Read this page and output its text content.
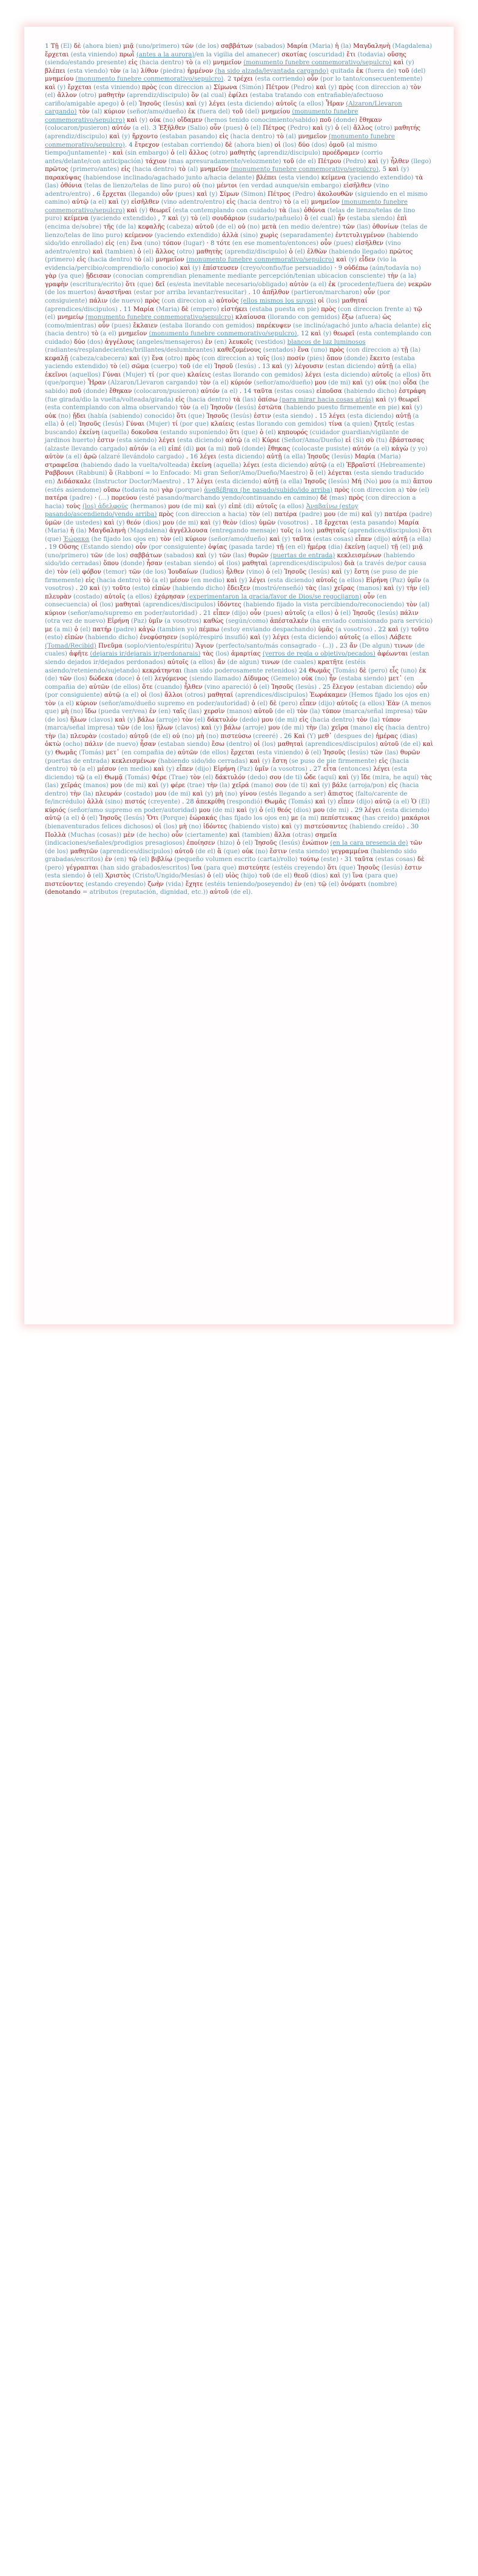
1 Τῇ (El) δὲ (ahora bien) μιᾷ (uno/primero) τῶν (de los) σαββάτων (sabados) Μαρία (Maria) ἡ (la) Μαγδαληνὴ (Magdalena) ἔρχεται (esta viniendo) πρωῒ (antes a la aurora)/en la vigilia del amanecer) σκοτίας (oscuridad) ἔτι (todavia) οὔσης (siendo/estando presente) εἰς (hacia dentro) τὸ (a el) μνημεῖον (monumento funebre conmemorativo/sepulcro) καὶ (y) βλέπει (esta viendo) τὸν (a la) λίθον (piedra) ἠρμένον (ha sido alzada/levantada cargando) quitada ἐκ (fuera de) τοῦ (del) μνημείου (monumento funebre conmemorativo/sepulcro). 2 τρέχει (esta corriendo) οὖν (por lo tanto/consecuentemente) καὶ (y) ἔρχεται (esta viniendo) πρὸς (con direccion a) Σίμωνα (Simón) Πέτρον (Pedro) καὶ (y) πρὸς (con direccion a) τὸν (el) ἄλλον (otro) μαθητὴν (aprendiz/discipulo) ὃν (al cual) ἐφίλει (estaba tratando con entrañable/afectuoso cariño/amigable apego) ὁ (el) Ἰησοῦς (Iesús) καὶ (y) λέγει (esta diciendo) αὐτοῖς (a ellos) Ἦραν (Alzaron/Llevaron cargando) τὸν (al) κύριον (señor/amo/dueño) ἐκ (fuera del) τοῦ (del) μνημείου (monumento funebre conmemorativo/sepulcro) καὶ (y) οὐκ (no) οἴδαμεν (hemos tenido conocimiento/sabido) ποῦ (donde) ἔθηκαν (colocaron/pusieron) αὐτόν (a el). 3 Ἐξῆλθεν (Salio) οὖν (pues) ὁ (el) Πέτρος (Pedro) καὶ (y) ὁ (el) ἄλλος (otro) μαθητής (aprendiz/discipulo) καὶ (y) ἤρχοντο (estaban pasando) εἰς (hacia dentro) τὸ (al) μνημεῖον (monumento funebre conmemorativo/sepulcro). 4 ἔτρεχον (estaban corriendo) δὲ (ahora bien) οἱ (los) δύο (dos) ὁμοῦ (al mismo tiempo/juntamente) · καὶ (sin embargo) ὁ (el) ἄλλος (otro) μαθητὴς (aprendiz/discipulo) προέδραμεν (corrio antes/delante/con anticipación) τάχιον (mas apresuradamente/velozmente) τοῦ (de el) Πέτρου (Pedro) καὶ (y) ἦλθεν (llego) πρῶτος (primero/antes) εἰς (hacia dentro) τὸ (al) μνημεῖον (monumento funebre conmemorativo/sepulcro), 5 καὶ (y) παρακύψας (habiendose inclinado/agachado junto a/hacia delante) βλέπει (esta viendo) κείμενα (yaciendo extendido) τὰ (las) ὀθόνια (telas de lienzo/telas de lino puro) οὐ (no) μέντοι (en verdad aunque/sin embargo) εἰσῆλθεν (vino adentro/entro) . 6 ἔρχεται (llegando) οὖν (pues) καὶ (y) Σίμων (Simon) Πέτρος (Pedro) ἀκολουθῶν (siguiendo en el mismo camino) αὐτῷ (a el) καὶ (y) εἰσῆλθεν (vino adentro/entro) εἰς (hacia dentro) τὸ (a el) μνημεῖον (monumento funebre conmemorativo/sepulcro) καὶ (y) θεωρεῖ (esta contemplando con cuidado) τὰ (las) ὀθόνια (telas de lienzo/telas de lino puro) κείμενα (yaciendo extendido) , 7 καὶ (y) τὸ (el) σουδάριον (sudario/pañuelo) ὃ (el cual) ἦν (estaba siendo) ἐπὶ (encima de/sobre) τῆς (de la) κεφαλῆς (cabeza) αὐτοῦ (de el) οὐ (no) μετὰ (en medio de/entre) τῶν (las) ὀθονίων (telas de lienzo/telas de lino puro) κείμενον (yaciendo extendido) ἀλλὰ (sino) χωρὶς (separadamente) ἐντετυλιγμένον (habiendo sido/ido enrollado) εἰς (en) ἕνα (uno) τόπον (lugar) · 8 τότε (en ese momento/entonces) οὖν (pues) εἰσῆλθεν (vino adentro/entro) καὶ (tambien) ὁ (el) ἄλλος (otro) μαθητὴς (aprendiz/discipulo) ὁ (el) ἐλθὼν (habiendo llegado) πρῶτος (primero) εἰς (hacia dentro) τὸ (al) μνημεῖον (monumento funebre conmemorativo/sepulcro) καὶ (y) εἶδεν (vio la evidencia/percibio/comprendio/lo conocio) καὶ (y) ἐπίστευσεν (creyo/confio/fue persuadido) · 9 οὐδέπω (aún/todavía no) γὰρ (ya que) ᾔδεισαν (conocian comprendian plenamente mediante percepción/tenian ubicacion consciente) τὴν (a la) γραφὴν (escritura/ecrito) ὅτι (que) δεῖ (es/esta inevitable necesario/obligado) αὐτὸν (a el) ἐκ (procedente/fuera de) νεκρῶν (de los muertos) ἀναστῆναι (estar por arriba levantar/resucitar) . 10 ἀπῆλθον (partieron/marcharon) οὖν (por consiguiente) πάλιν (de nuevo) πρὸς (con direccion a) αὐτοὺς (ellos mismos los suyos) οἱ (los) μαθηταί (aprendices/discipulos) . 11 Μαρία (Maria) δὲ (empero) εἱστήκει (estaba puesta en pie) πρὸς (con direccion frente a) τῷ (el) μνημείῳ (monumento funebre conmemorativo/sepulcro) κλαίουσα (llorando con gemidos) ἔξω (afuera) ὡς (como/mientras) οὖν (pues) ἔκλαιεν (estaba llorando con gemidos) παρέκυψεν (se inclinó/agachó junto a/hacia delante) εἰς (hacia dentro) τὸ (a el) μνημεῖον (monumento funebre conmemorativo/sepulcro), 12 καὶ (y) θεωρεῖ (esta contemplando con cuidado) δύο (dos) ἀγγέλους (angeles/mensajeros) ἐν (en) λευκοῖς (vestidos) blancos de luz luminosos (radiantes/resplandecientes/brillantes/deslumbrantes) καθεζομένους (sentados) ἕνα (uno) πρὸς (con direccion a) τῇ (la) κεφαλῇ (cabeza/cabecera) καὶ (y) ἕνα (otro) πρὸς (con direccion a) τοῖς (los) ποσίν (pies) ὅπου (donde) ἔκειτο (estaba yaciendo extendido) τὸ (el) σῶμα (cuerpo) τοῦ (de el) Ἰησοῦ (Iesús) . 13 καὶ (y) λέγουσιν (estan diciendo) αὐτῇ (a ella) ἐκεῖνοι (aquellos) Γύναι (Mujer) τί (por que) κλαίεις (estas llorando con gemidos) λέγει (esta diciendo) αὐτοῖς (a ellos) ὅτι (que/porque) Ἦραν (Alzaron/Llevaron cargando) τὸν (a el) κύριόν (señor/amo/dueño) μου (de mi) καὶ (y) οὐκ (no) οἶδα (he sabido) ποῦ (donde) ἔθηκαν (colocaron/pusieron) αὐτόν (a el) . 14 ταῦτα (estas cosas) εἰποῦσα (habiendo dicho) ἐστράφη (fue girada/dio la vuelta/volteada/girada) εἰς (hacia dentro) τὰ (las) ὀπίσω (para mirar hacia cosas atrás) καὶ (y) θεωρεῖ (esta contemplando con alma observando) τὸν (a el) Ἰησοῦν (Iesús) ἑστῶτα (habiendo puesto firmemente en pie) καὶ (y) οὐκ (no) ᾔδει (había (sabiendo) conocido) ὅτι (que) Ἰησοῦς (Iesús) ἐστιν (esta siendo) . 15 λέγει (esta diciendo) αὐτῇ (a ella) ὁ (el) Ἰησοῦς (Iesús) Γύναι (Mujer) τί (por que) κλαίεις (estas llorando con gemidos) τίνα (a quien) ζητεῖς (estas buscando) ἐκείνη (aquella) δοκοῦσα (estando suponiendo) ὅτι (que) ὁ (el) κηπουρός (cuidador guardian/vigilante de jardinos huerto) ἐστιν (esta siendo) λέγει (esta diciendo) αὐτῷ (a el) Κύριε (Señor/Amo/Dueño) εἰ (Si) σὺ (tu) ἐβάστασας (alzaste llevando cargado) αὐτόν (a el) εἰπέ (di) μοι (a mi) ποῦ (donde) ἔθηκας (colocaste pusiste) αὐτόν (a el) κἀγὼ (y yo) αὐτὸν (a el) ἀρῶ (alzaré llevándolo cargado) . 16 λέγει (esta diciendo) αὐτῇ (a ella) Ἰησοῦς (Iesús) Μαρία (Maria) στραφεῖσα (habiendo dado la vuelta/volteada) ἐκείνη (aquella) λέγει (esta diciendo) αὐτῷ (a el) Ἑβραϊστί (Hebreamente) Ραββουνι (Rabbuni) ὃ (Rabboní = lo Enfocado: Mi gran Señor/Amo/Dueño/Maestro) ὃ (el) λέγεται (esta siendo traducido en) Διδάσκαλε (Instructor Doctor/Maestro) . 17 λέγει (esta diciendo) αὐτῇ (a ella) Ἰησοῦς (Iesús) Μή (No) μου (a mi) ἅπτου (estés asiendome) οὔπω (todavía no) γὰρ (porque) ἀναβέβηκα (he pasado/subido/ido arriba) πρὸς (con direccion a) τὸν (el) πατέρα (padre) · (...) πορεύου (esté pasando/marchando yendo/continuando en camino) δὲ (mas) πρὸς (con direccion a hacia) τοὺς (los) ἀδελφούς (hermanos) μου (de mi) καὶ (y) εἰπὲ (di) αὐτοῖς (a ellos) Ἀναβαίνω (estoy pasando/ascendiendo/yendo arriba) πρὸς (con direccion a hacia) τὸν (el) πατέρα (padre) μου (de mi) καὶ (y) πατέρα (padre) ὑμῶν (de ustedes) καὶ (y) θεόν (dios) μου (de mi) καὶ (y) θεὸν (dios) ὑμῶν (vosotros) . 18 ἔρχεται (esta pasando) Μαρία (Maria) ἡ (la) Μαγδαληνὴ (Magdalena) ἀγγέλλουσα (entregando mensaje) τοῖς (a los) μαθηταῖς (aprendices/discipulos) ὅτι (que) Ἑώρακα (he fijado los ojos en) τὸν (el) κύριον (señor/amo/dueño) καὶ (y) ταῦτα (estas cosas) εἶπεν (dijo) αὐτῇ (a ella) . 19 Οὔσης (Estando siendo) οὖν (por consiguiente) ὀψίας (pasada tarde) τῇ (en el) ἡμέρᾳ (dia) ἐκείνῃ (aquel) τῇ (el) μιᾷ (uno/primero) τῶν (de los) σαββάτων (sabados) καὶ (y) τῶν (las) θυρῶν (puertas de entrada) κεκλεισμένων (habiendo sido/ido cerradas) ὅπου (donde) ἦσαν (estaban siendo) οἱ (los) μαθηταὶ (aprendices/discipulos) διὰ (a través de/por causa de) τὸν (el) φόβον (temor) τῶν (de los) Ἰουδαίων (Iudios) ἦλθεν (vino) ὁ (el) Ἰησοῦς (Iesús) καὶ (y) ἔστη (se puso de pie firmemente) εἰς (hacia dentro) τὸ (a el) μέσον (en medio) καὶ (y) λέγει (esta diciendo) αὐτοῖς (a ellos) Εἰρήνη (Paz) ὑμῖν (a vosotros) . 20 καὶ (y) τοῦτο (esto) εἰπὼν (habiendo dicho) ἔδειξεν (mostró/enseñó) τὰς (las) χεῖρας (manos) καὶ (y) τὴν (el) πλευρὰν (costado) αὐτοῖς (a ellos) ἐχάρησαν (experimentaron la gracia/favor de Dios/se regocijaron) οὖν (en consecuencia) οἱ (los) μαθηταὶ (aprendices/discipulos) ἰδόντες (habiendo fijado la vista percibiendo/reconociendo) τὸν (al) κύριον (señor/amo/supremo en poder/autoridad) . 21 εἶπεν (dijo) οὖν (pues) αὐτοῖς (a ellos) ὁ (el) Ἰησοῦς (Iesús) πάλιν (otra vez de nuevo) Εἰρήνη (Paz) ὑμῖν (a vosotros) καθὼς (según/como) ἀπέσταλκέν (ha enviado comisionado para servicio) με (a mi) ὁ (el) πατήρ (padre) κἀγὼ (tambien yo) πέμπω (estoy enviando despachando) ὑμᾶς (a vosotros) . 22 καὶ (y) τοῦτο (esto) εἰπὼν (habiendo dicho) ἐνεφύσησεν (sopló/respiró insufló) καὶ (y) λέγει (esta diciendo) αὐτοῖς (a ellos) Λάβετε (Tomad/Recibid) Πνεῦμα (soplo/viento/espíritu) Ἅγιον (perfecto/santo/más consagrado - (..)) . 23 ἄν (De algun) τινων (de cuales) ἀφῆτε (dejarais ir/dejarais ir/perdonarais) τὰς (los) ἁμαρτίας (yerros de regla o objetivo/pecados) ἀφέωνται (estan siendo dejados ir/dejados perdonados) αὐτοῖς (a ellos) ἄν (de algun) τινων (de cuales) κρατῆτε (estéis asiendo/reteniendo/sujetando) κεκράτηνται (han sido poderosamente retenidos) 24 Θωμᾶς (Tomás) δὲ (pero) εἷς (uno) ἐκ (de) τῶν (los) δώδεκα (doce) ὁ (el) λεγόμενος (siendo llamado) Δίδυμος (Gemelo) οὐκ (no) ἦν (estaba siendo) μετ᾽ (en compañia de) αὐτῶν (de ellos) ὅτε (cuando) ἦλθεν (vino apareció) ὁ (el) Ἰησοῦς (Iesús) . 25 ἔλεγον (estaban diciendo) οὖν (por consiguiente) αὐτῷ (a el) οἱ (los) ἄλλοι (otros) μαθηταί (aprendices/discipulos) Ἑωράκαμεν (Hemos fijado los ojos en) τὸν (a el) κύριον (señor/amo/dueño supremo en poder/autoridad) ὁ (el) δὲ (pero) εἶπεν (dijo) αὐτοῖς (a ellos) Ἐὰν (A menos que) μὴ (no) ἴδω (pueda ver/vea) ἐν (en) ταῖς (las) χερσὶν (manos) αὐτοῦ (de el) τὸν (la) τύπον (marca/señal impresa) τῶν (de los) ἥλων (clavos) καὶ (y) βάλω (arroje) τὸν (el) δάκτυλόν (dedo) μου (de mi) εἰς (hacia dentro) τὸν (la) τύπον (marca/señal impresa) τῶν (de los) ἥλων (clavos) καὶ (y) βάλω (arroje) μου (de mi) τὴν (la) χεῖρα (mano) εἰς (hacia dentro) τὴν (la) πλευρὰν (costado) αὐτοῦ (de el) οὐ (no) μὴ (no) πιστεύσω (creeré) . 26 Καὶ (Y) μεθ᾽ (despues de) ἡμέρας (dias) ὀκτὼ (ocho) πάλιν (de nuevo) ἦσαν (estaban siendo) ἔσω (dentro) οἱ (los) μαθηταὶ (aprendices/discipulos) αὐτοῦ (de el) καὶ (y) Θωμᾶς (Tomás) μετ᾽ (en compañia de) αὐτῶν (de ellos) ἔρχεται (esta viniendo) ὁ (el) Ἰησοῦς (Iesús) τῶν (las) θυρῶν (puertas de entrada) κεκλεισμένων (habiendo sido/ido cerradas) καὶ (y) ἔστη (se puso de pie firmemente) εἰς (hacia dentro) τὸ (a el) μέσον (en medio) καὶ (y) εἶπεν (dijo) Εἰρήνη (Paz) ὑμῖν (a vosotros) . 27 εἶτα (entonces) λέγει (esta diciendo) τῷ (a el) Θωμᾷ (Tomás) Φέρε (Trae) τὸν (el) δάκτυλόν (dedo) σου (de ti) ὧδε (aquí) καὶ (y) ἴδε (mira, he aquí) τὰς (las) χεῖράς (manos) μου (de mi) καὶ (y) φέρε (trae) τὴν (la) χεῖρά (mano) σου (de ti) καὶ (y) βάλε (arroja/pon) εἰς (hacia dentro) τὴν (la) πλευράν (costado) μου (de mi) καὶ (y) μὴ (no) γίνου (estés llegando a ser) ἄπιστος (falto/carente de fe/incrédulo) ἀλλὰ (sino) πιστός (creyente) . 28 ἀπεκρίθη (respondió) Θωμᾶς (Tomás) καὶ (y) εἶπεν (dijo) αὐτῷ (a el) Ὁ (El) κύριός (señor/amo supremo en poder/autoridad) μου (de mi) καὶ (y) ὁ (el) θεός (dios) μου (de mi) . 29 λέγει (esta diciendo) αὐτῷ (a el) ὁ (el) Ἰησοῦς (Iesús) Ὅτι (Porque) ἑώρακάς (has fijado los ojos en) με (a mi) πεπίστευκας (has creido) μακάριοι (bienaventurados felices dichosos) οἱ (los) μὴ (no) ἰδόντες (habiendo visto) καὶ (y) πιστεύσαντες (habiendo creído) . 30 Πολλὰ (Muchas (cosas)) μὲν (de hecho) οὖν (ciertamente) καὶ (tambien) ἄλλα (otras) σημεῖα (indicaciones/señales/prodigios presagiosos) ἐποίησεν (hizo) ὁ (el) Ἰησοῦς (Iesús) ἐνώπιον (en la cara presencia de) τῶν (de los) μαθητῶν (aprendices/discipulos) αὐτοῦ (de el) ἃ (que) οὐκ (no) ἔστιν (esta siendo) γεγραμμένα (habiendo sido grabadas/escritos) ἐν (en) τῷ (el) βιβλίῳ (pequeño volumen escrito (carta)/rollo) τούτῳ (este) · 31 ταῦτα (estas cosas) δὲ (pero) γέγραπται (han sido grabados/escritos) ἵνα (para que) πιστεύητε (estéis creyendo) ὅτι (que) Ἰησοῦς (Iesús) ἐστιν (esta siendo) ὁ (el) Χριστὸς (Cristo/Ungido/Mesías) ὁ (el) υἱὸς (hijo) τοῦ (de el) θεοῦ (dios) καὶ (y) ἵνα (para que) πιστεύοντες (estando creyendo) ζωὴν (vida) ἔχητε (estéis teniendo/poseyendo) ἐν (en) τῷ (el) ὀνόματι (nombre) (denotando = atributos (reputación, dignidad, etc.)) αὐτοῦ (de el).
